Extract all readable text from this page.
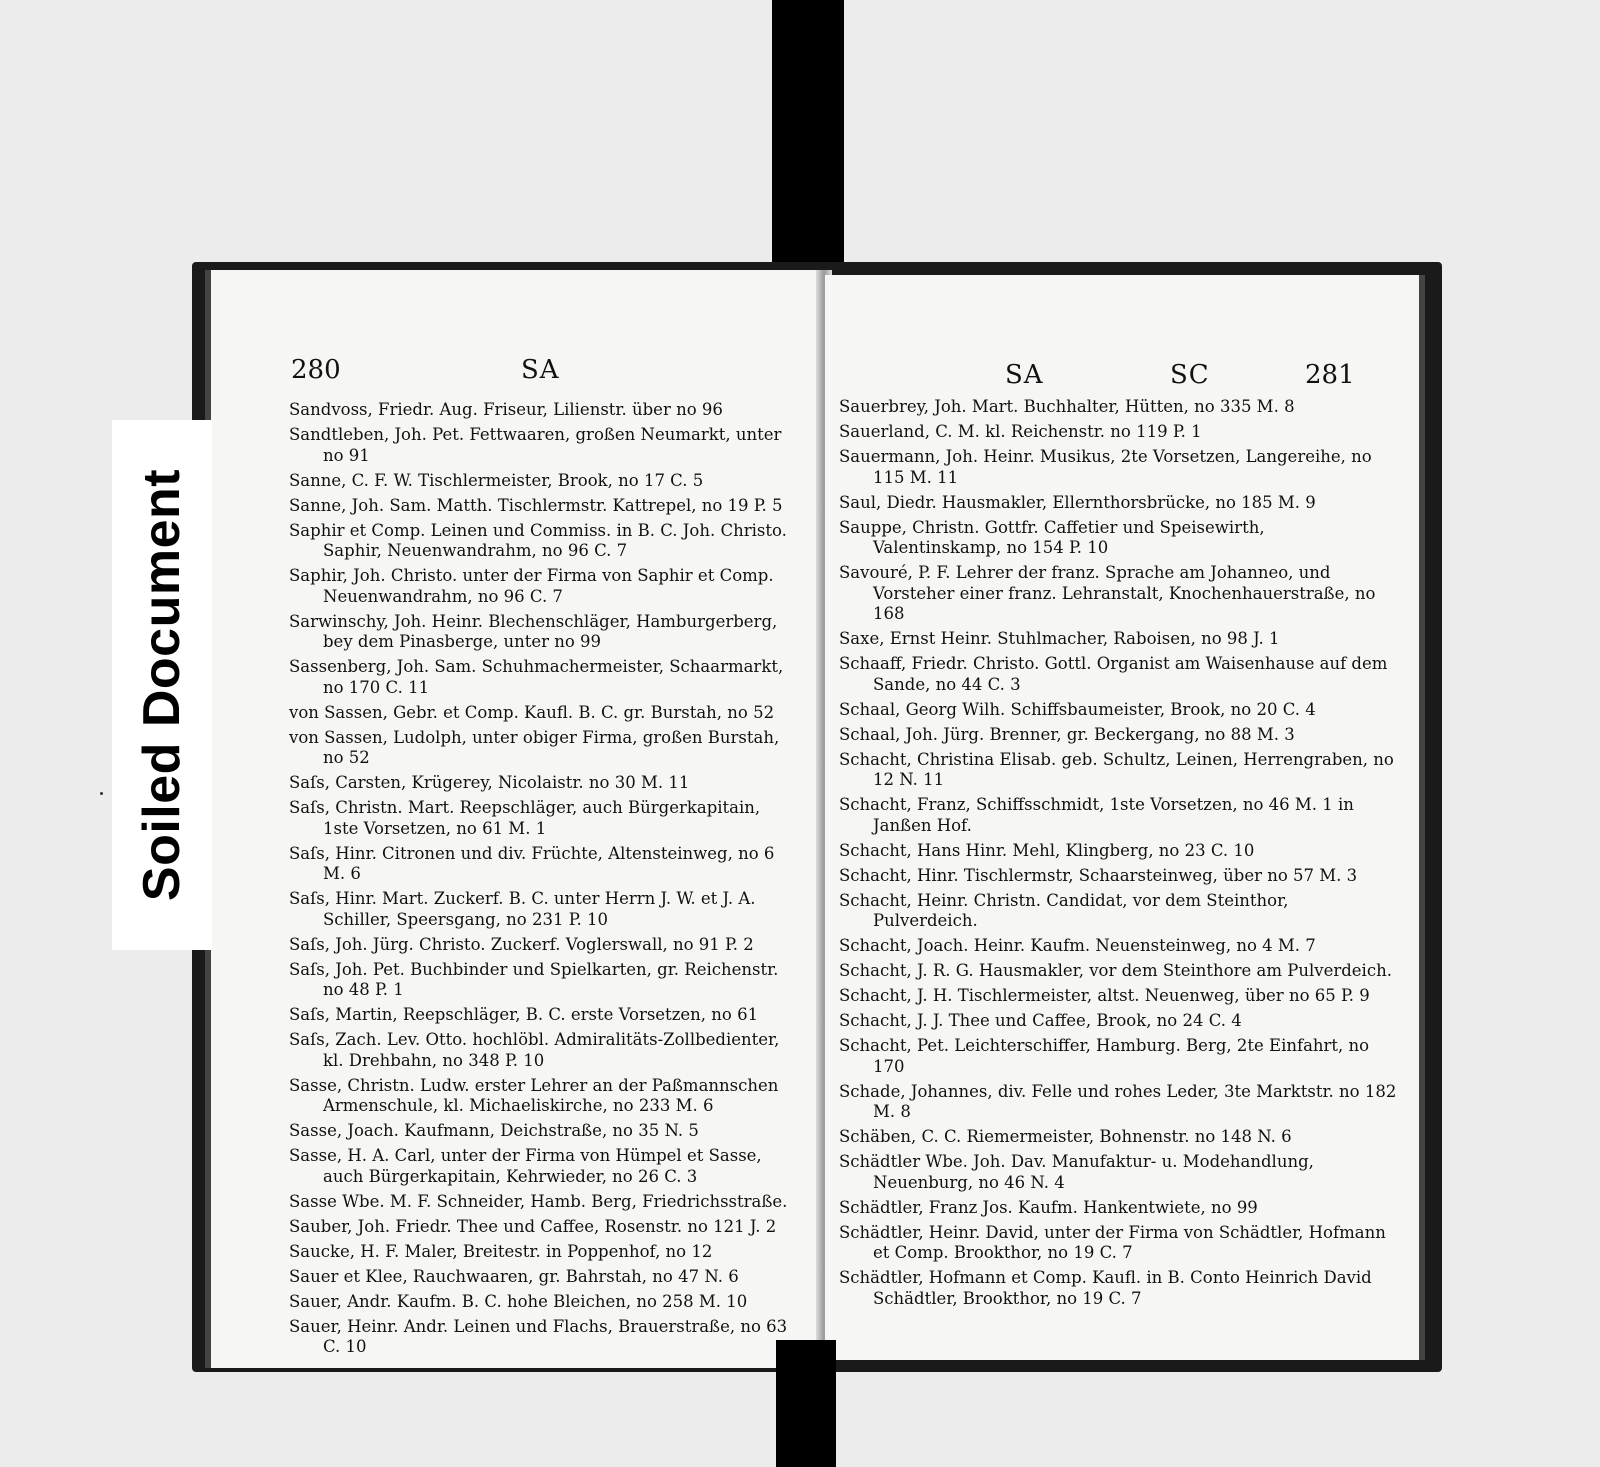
280	SA
Sandvoss, Friedr. Aug. Friseur, Lilienstr. über no 96
Sandtleben, Joh. Pet. Fettwaaren, großen Neumarkt, unter no 91
Sanne, C. F. W. Tischlermeister, Brook, no 17 C. 5
Sanne, Joh. Sam. Matth. Tischlermstr. Kattrepel, no 19 P. 5
Saphir et Comp. Leinen und Commiss. in B. C. Joh. Christo. Saphir, Neuenwandrahm, no 96 C. 7
Saphir, Joh. Christo. unter der Firma von Saphir et Comp. Neuenwandrahm, no 96 C. 7
Sarwinschy, Joh. Heinr. Blechenschläger, Hamburgerberg, bey dem Pinasberge, unter no 99
Sassenberg, Joh. Sam. Schuhmachermeister, Schaarmarkt, no 170 C. 11
von Sassen, Gebr. et Comp. Kaufl. B. C. gr. Burstah, no 52
von Sassen, Ludolph, unter obiger Firma, großen Burstah, no 52
Saſs, Carsten, Krügerey, Nicolaistr. no 30 M. 11
Saſs, Christn. Mart. Reepschläger, auch Bürgerkapitain, 1ste Vorsetzen, no 61 M. 1
Saſs, Hinr. Citronen und div. Früchte, Altensteinweg, no 6 M. 6
Saſs, Hinr. Mart. Zuckerf. B. C. unter Herrn J. W. et J. A. Schiller, Speersgang, no 231 P. 10
Saſs, Joh. Jürg. Christo. Zuckerf. Voglerswall, no 91 P. 2
Saſs, Joh. Pet. Buchbinder und Spielkarten, gr. Reichenstr. no 48 P. 1
Saſs, Martin, Reepschläger, B. C. erste Vorsetzen, no 61
Saſs, Zach. Lev. Otto. hochlöbl. Admiralitäts-Zollbedienter, kl. Drehbahn, no 348 P. 10
Sasse, Christn. Ludw. erster Lehrer an der Paßmannschen Armenschule, kl. Michaeliskirche, no 233 M. 6
Sasse, Joach. Kaufmann, Deichstraße, no 35 N. 5
Sasse, H. A. Carl, unter der Firma von Hümpel et Sasse, auch Bürgerkapitain, Kehrwieder, no 26 C. 3
Sasse Wbe. M. F. Schneider, Hamb. Berg, Friedrichsstraße.
Sauber, Joh. Friedr. Thee und Caffee, Rosenstr. no 121 J. 2
Saucke, H. F. Maler, Breitestr. in Poppenhof, no 12
Sauer et Klee, Rauchwaaren, gr. Bahrstah, no 47 N. 6
Sauer, Andr. Kaufm. B. C. hohe Bleichen, no 258 M. 10
Sauer, Heinr. Andr. Leinen und Flachs, Brauerstraße, no 63 C. 10
SA	SC	281
Sauerbrey, Joh. Mart. Buchhalter, Hütten, no 335 M. 8
Sauerland, C. M. kl. Reichenstr. no 119 P. 1
Sauermann, Joh. Heinr. Musikus, 2te Vorsetzen, Langereihe, no 115 M. 11
Saul, Diedr. Hausmakler, Ellernthorsbrücke, no 185 M. 9
Sauppe, Christn. Gottfr. Caffetier und Speisewirth, Valentinskamp, no 154 P. 10
Savouré, P. F. Lehrer der franz. Sprache am Johanneo, und Vorsteher einer franz. Lehranstalt, Knochenhauerstraße, no 168
Saxe, Ernst Heinr. Stuhlmacher, Raboisen, no 98 J. 1
Schaaff, Friedr. Christo. Gottl. Organist am Waisenhause auf dem Sande, no 44 C. 3
Schaal, Georg Wilh. Schiffsbaumeister, Brook, no 20 C. 4
Schaal, Joh. Jürg. Brenner, gr. Beckergang, no 88 M. 3
Schacht, Christina Elisab. geb. Schultz, Leinen, Herrengraben, no 12 N. 11
Schacht, Franz, Schiffsschmidt, 1ste Vorsetzen, no 46 M. 1 in Janßen Hof.
Schacht, Hans Hinr. Mehl, Klingberg, no 23 C. 10
Schacht, Hinr. Tischlermstr, Schaarsteinweg, über no 57 M. 3
Schacht, Heinr. Christn. Candidat, vor dem Steinthor, Pulverdeich.
Schacht, Joach. Heinr. Kaufm. Neuensteinweg, no 4 M. 7
Schacht, J. R. G. Hausmakler, vor dem Steinthore am Pulverdeich.
Schacht, J. H. Tischlermeister, altst. Neuenweg, über no 65 P. 9
Schacht, J. J. Thee und Caffee, Brook, no 24 C. 4
Schacht, Pet. Leichterschiffer, Hamburg. Berg, 2te Einfahrt, no 170
Schade, Johannes, div. Felle und rohes Leder, 3te Marktstr. no 182 M. 8
Schäben, C. C. Riemermeister, Bohnenstr. no 148 N. 6
Schädtler Wbe. Joh. Dav. Manufaktur- u. Modehandlung, Neuenburg, no 46 N. 4
Schädtler, Franz Jos. Kaufm. Hankentwiete, no 99
Schädtler, Heinr. David, unter der Firma von Schädtler, Hofmann et Comp. Brookthor, no 19 C. 7
Schädtler, Hofmann et Comp. Kaufl. in B. Conto Heinrich David Schädtler, Brookthor, no 19 C. 7
Soiled Document
